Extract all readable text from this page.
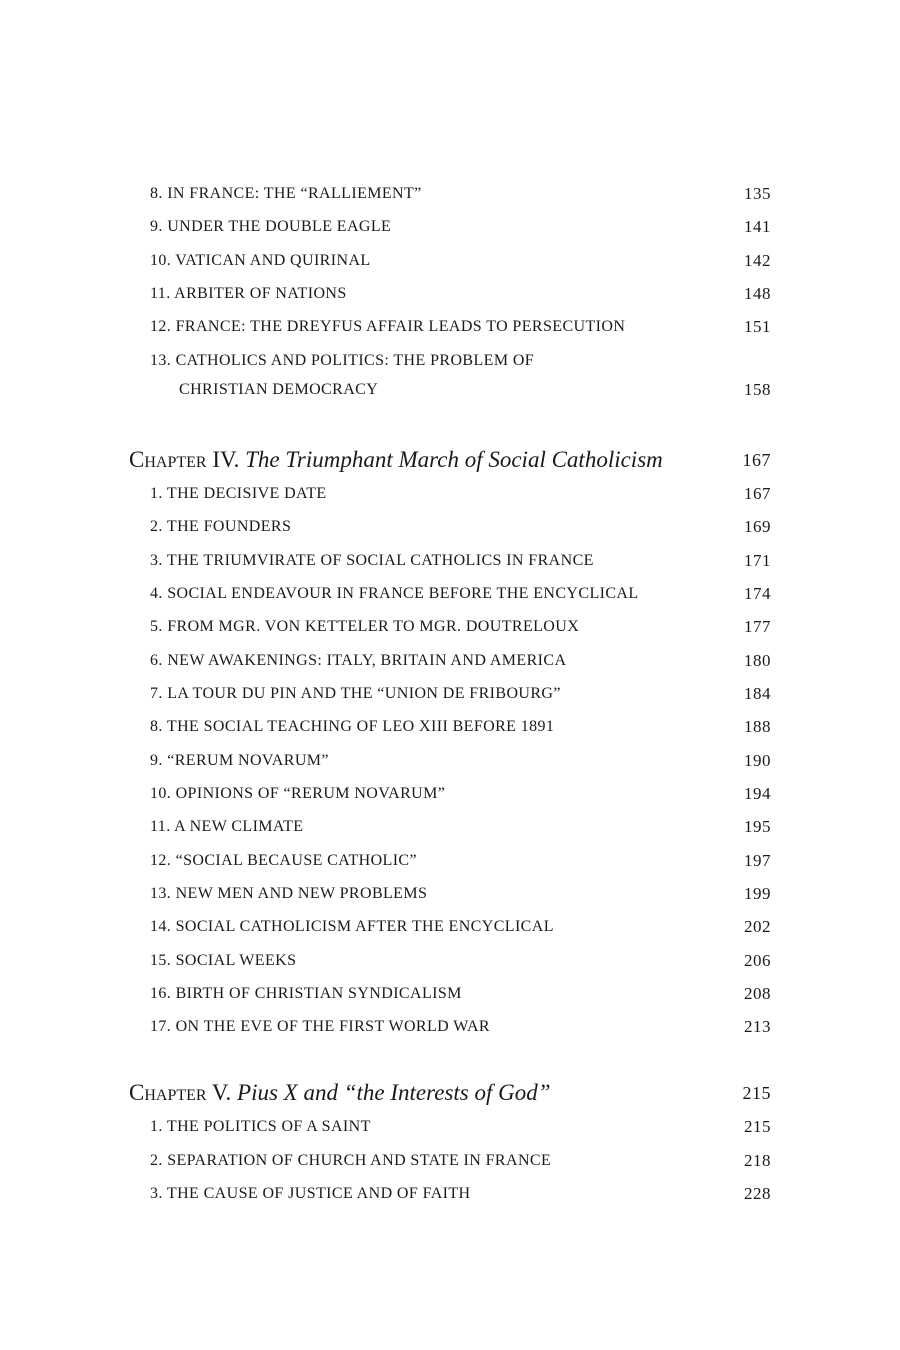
8. IN FRANCE: THE “RALLIEMENT”	135
9. UNDER THE DOUBLE EAGLE	141
10. VATICAN AND QUIRINAL	142
11. ARBITER OF NATIONS	148
12. FRANCE: THE DREYFUS AFFAIR LEADS TO PERSECUTION	151
13. CATHOLICS AND POLITICS: THE PROBLEM OF
CHRISTIAN DEMOCRACY	158
Chapter IV. The Triumphant March of Social Catholicism	167
1. THE DECISIVE DATE	167
2. THE FOUNDERS	169
3. THE TRIUMVIRATE OF SOCIAL CATHOLICS IN FRANCE	171
4. SOCIAL ENDEAVOUR IN FRANCE BEFORE THE ENCYCLICAL	174
5. FROM MGR. VON KETTELER TO MGR. DOUTRELOUX	177
6. NEW AWAKENINGS: ITALY, BRITAIN AND AMERICA	180
7. LA TOUR DU PIN AND THE “UNION DE FRIBOURG”	184
8. THE SOCIAL TEACHING OF LEO XIII BEFORE 1891	188
9. “RERUM NOVARUM”	190
10. OPINIONS OF “RERUM NOVARUM”	194
11. A NEW CLIMATE	195
12. “SOCIAL BECAUSE CATHOLIC”	197
13. NEW MEN AND NEW PROBLEMS	199
14. SOCIAL CATHOLICISM AFTER THE ENCYCLICAL	202
15. SOCIAL WEEKS	206
16. BIRTH OF CHRISTIAN SYNDICALISM	208
17. ON THE EVE OF THE FIRST WORLD WAR	213
Chapter V. Pius X and “the Interests of God”	215
1. THE POLITICS OF A SAINT	215
2. SEPARATION OF CHURCH AND STATE IN FRANCE	218
3. THE CAUSE OF JUSTICE AND OF FAITH	228
